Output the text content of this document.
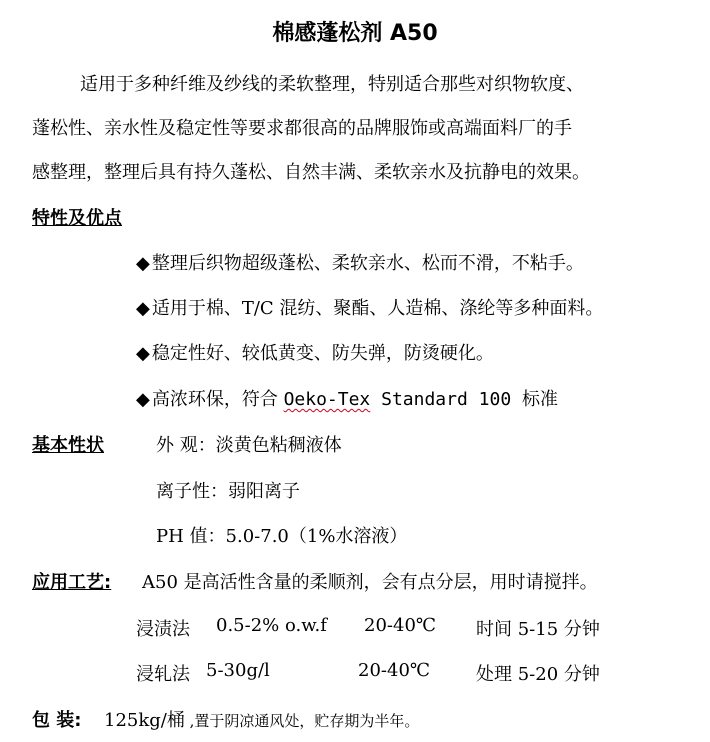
棉感蓬松剂 A50
适用于多种纤维及纱线的柔软整理，特别适合那些对织物软度、
蓬松性、亲水性及稳定性等要求都很高的品牌服饰或高端面料厂的手
感整理，整理后具有持久蓬松、自然丰满、柔软亲水及抗静电的效果。
特性及优点
◆ 整理后织物超级蓬松、柔软亲水、松而不滑，不粘手。
◆ 适用于棉、T/C 混纺、聚酯、人造棉、涤纶等多种面料。
◆ 稳定性好、较低黄变、防失弹，防烫硬化。
◆ 高浓环保，符合 Oeko-Tex Standard 100 标准
基本性状	外 观：淡黄色粘稠液体
离子性：弱阳离子
PH 值：5.0-7.0（1%水溶液）
应用工艺: A50 是高活性含量的柔顺剂，会有点分层，用时请搅拌。
浸渍法 0.5-2% o.w.f 20-40℃ 时间 5-15 分钟
浸轧法 5-30g/l	20-40℃	处理 5-20 分钟
包 装: 125kg/桶 ,置于阴凉通风处，贮存期为半年。
